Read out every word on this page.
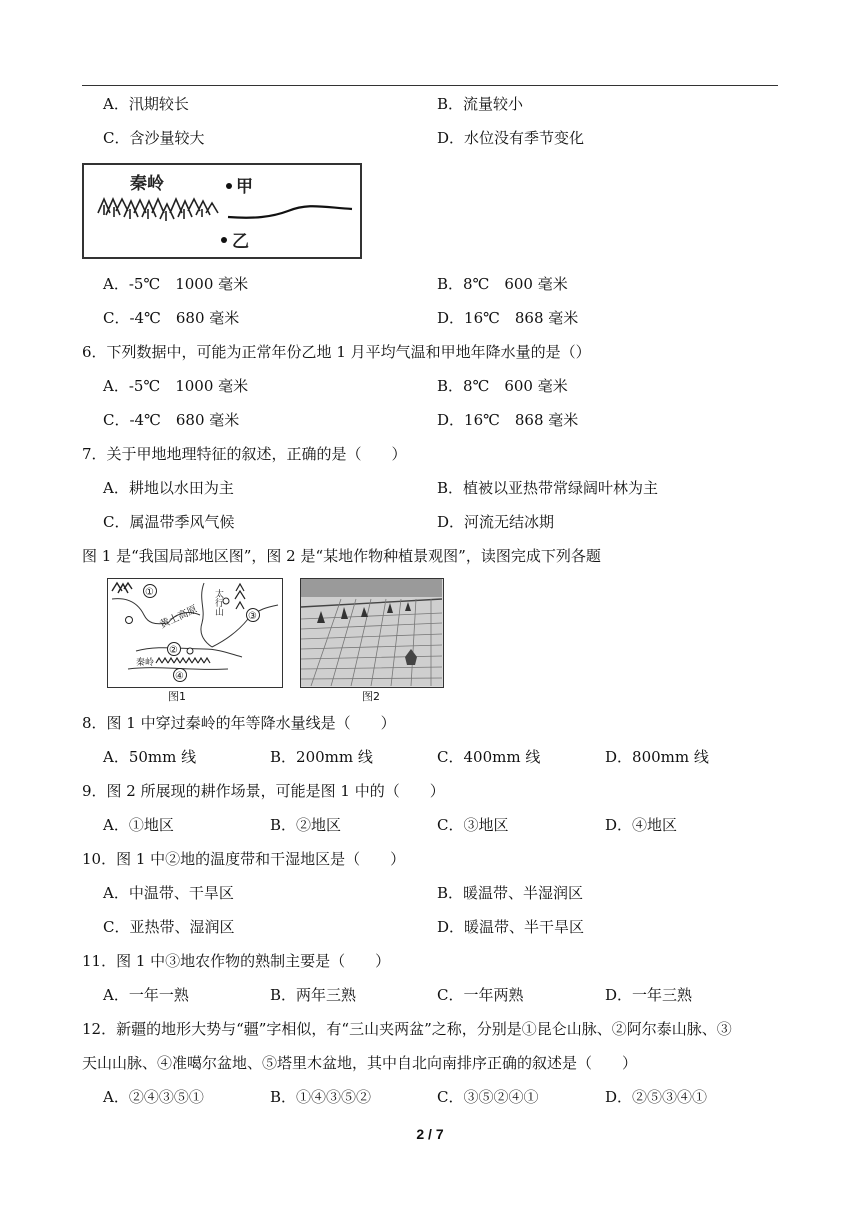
A．汛期较长	B．流量较小
C．含沙量较大	D．水位没有季节变化
秦岭	甲
乙
A．-5℃　1000 毫米	B．8℃　600 毫米
C．-4℃　680 毫米	D．16℃　868 毫米
6．下列数据中，可能为正常年份乙地 1 月平均气温和甲地年降水量的是（）
A．-5℃　1000 毫米	B．8℃　600 毫米
C．-4℃　680 毫米	D．16℃　868 毫米
7．关于甲地地理特征的叙述，正确的是（　　）
A．耕地以水田为主	B．植被以亚热带常绿阔叶林为主
C．属温带季风气候	D．河流无结冰期
图 1 是“我国局部地区图”，图 2 是“某地作物种植景观图”，读图完成下列各题
①
黄土高原
太行山
③
②
秦岭
④
图1	图2
8．图 1 中穿过秦岭的年等降水量线是（　　）
A．50mm 线	B．200mm 线	C．400mm 线	D．800mm 线
9．图 2 所展现的耕作场景，可能是图 1 中的（　　）
A．①地区	B．②地区	C．③地区	D．④地区
10．图 1 中②地的温度带和干湿地区是（　　）
A．中温带、干旱区	B．暖温带、半湿润区
C．亚热带、湿润区	D．暖温带、半干旱区
11．图 1 中③地农作物的熟制主要是（　　）
A．一年一熟	B．两年三熟	C．一年两熟	D．一年三熟
12．新疆的地形大势与“疆”字相似，有“三山夹两盆”之称，分别是①昆仑山脉、②阿尔泰山脉、③
天山山脉、④准噶尔盆地、⑤塔里木盆地，其中自北向南排序正确的叙述是（　　）
A．②④③⑤①	B．①④③⑤②	C．③⑤②④①	D．②⑤③④①
2 / 7
